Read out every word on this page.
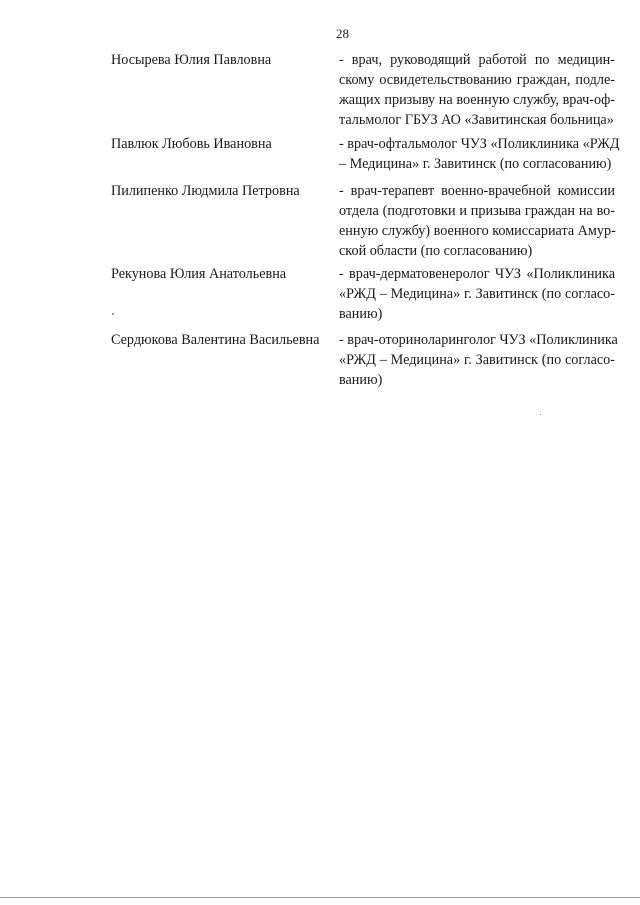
28
Носырева Юлия Павловна	- врач, руководящий работой по медицин-
скому освидетельствованию граждан, подле-
жащих призыву на военную службу, врач-оф-
тальмолог ГБУЗ АО «Завитинская больница»
Павлюк Любовь Ивановна	- врач-офтальмолог ЧУЗ «Поликлиника «РЖД
– Медицина» г. Завитинск (по согласованию)
Пилипенко Людмила Петровна	- врач-терапевт военно-врачебной комиссии
отдела (подготовки и призыва граждан на во-
енную службу) военного комиссариата Амур-
ской области (по согласованию)
Рекунова Юлия Анатольевна	- врач-дерматовенеролог ЧУЗ «Поликлиника
«РЖД – Медицина» г. Завитинск (по согласо-
ванию)
Сердюкова Валентина Васильевна	- врач-оториноларинголог ЧУЗ «Поликлиника
«РЖД – Медицина» г. Завитинск (по согласо-
ванию)
